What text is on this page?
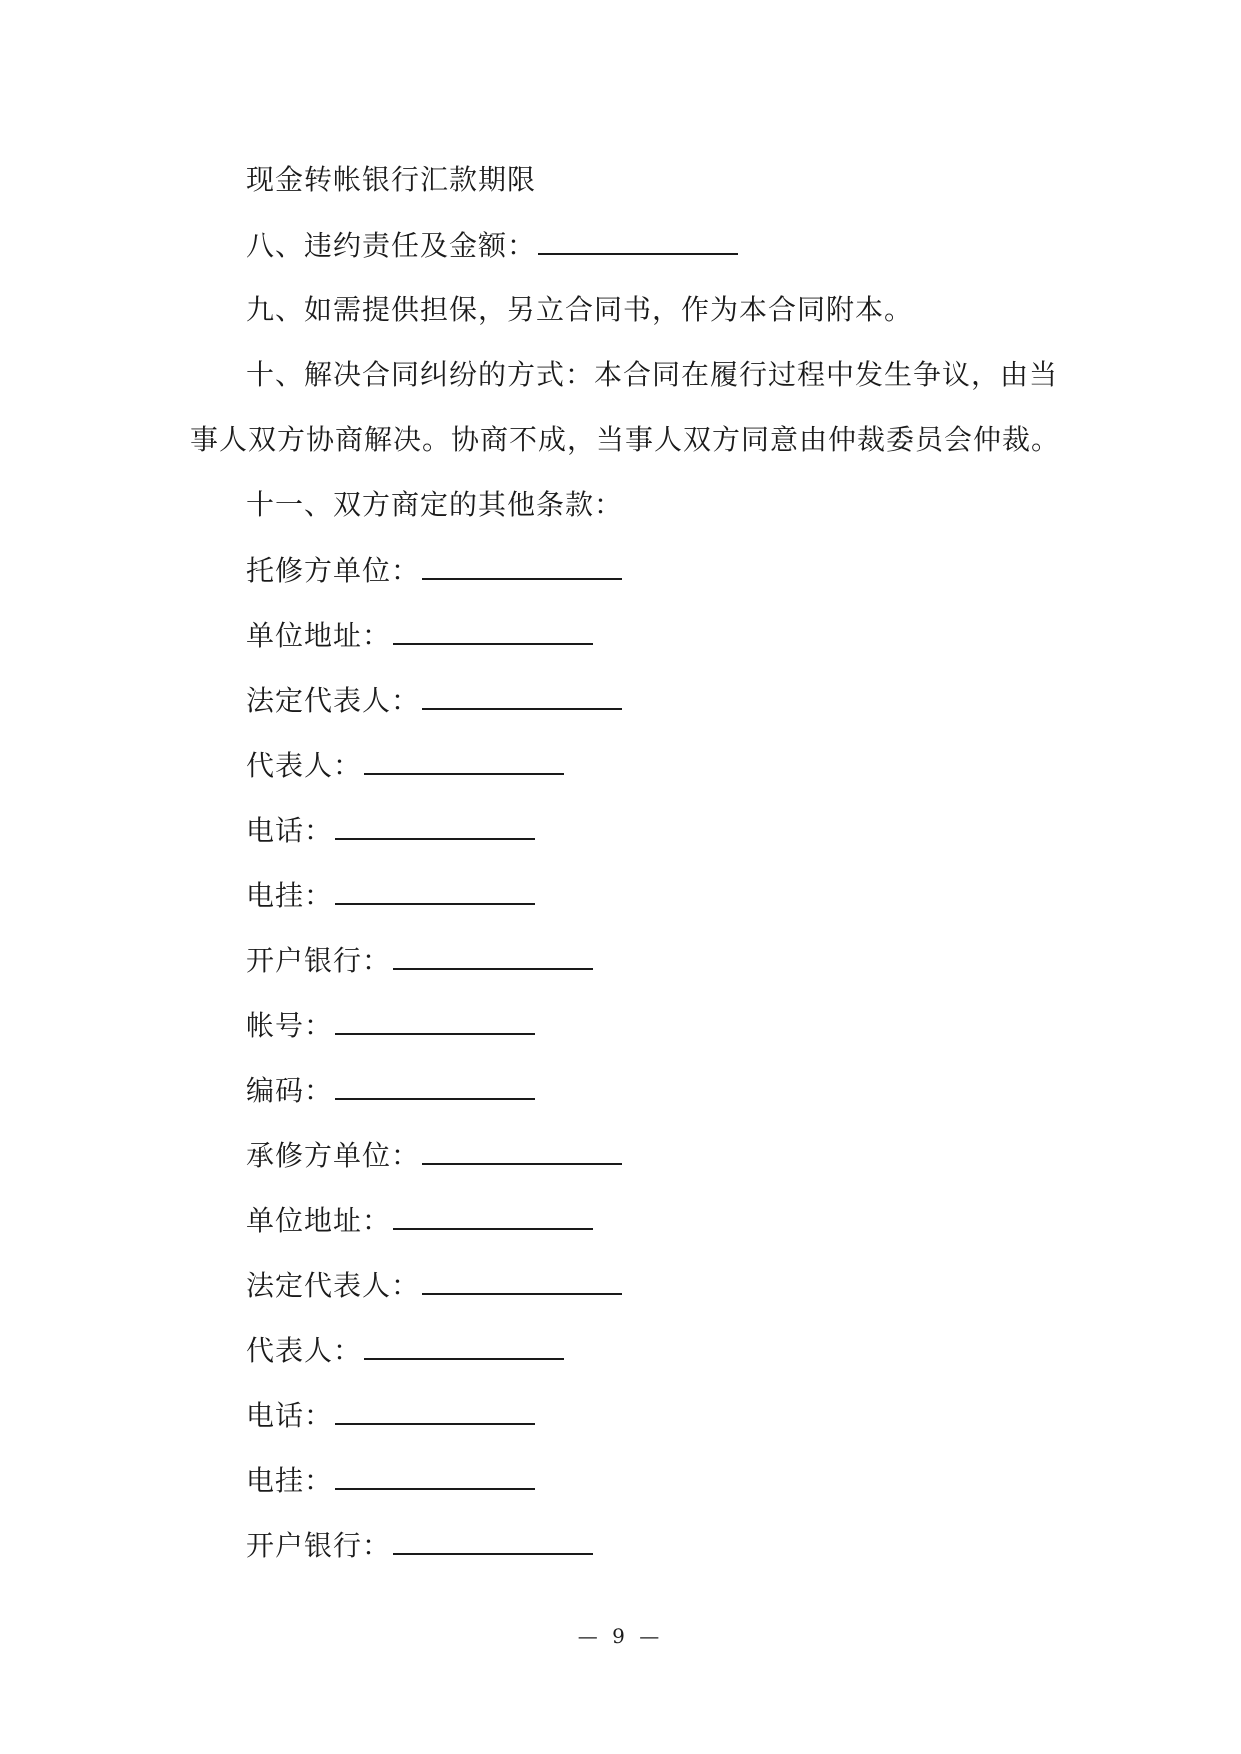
现金转帐银行汇款期限
八、违约责任及金额：
九、如需提供担保，另立合同书，作为本合同附本。
十、解决合同纠纷的方式：本合同在履行过程中发生争议，由当
事人双方协商解决。协商不成，当事人双方同意由仲裁委员会仲裁。
十一、双方商定的其他条款：
托修方单位：
单位地址：
法定代表人：
代表人：
电话：
电挂：
开户银行：
帐号：
编码：
承修方单位：
单位地址：
法定代表人：
代表人：
电话：
电挂：
开户银行：
— 9 —
